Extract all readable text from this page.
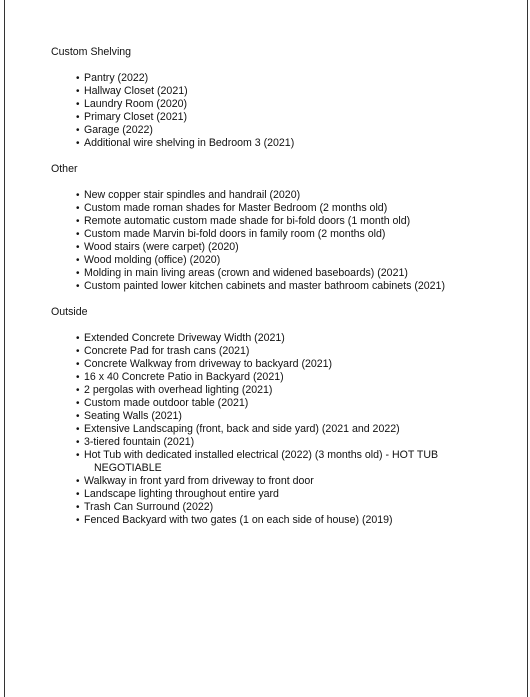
Custom Shelving
• Pantry (2022)
• Hallway Closet (2021)
• Laundry Room (2020)
• Primary Closet (2021)
• Garage (2022)
• Additional wire shelving in Bedroom 3 (2021)
Other
• New copper stair spindles and handrail (2020)
• Custom made roman shades for Master Bedroom (2 months old)
• Remote automatic custom made shade for bi-fold doors (1 month old)
• Custom made Marvin bi-fold doors in family room (2 months old)
• Wood stairs (were carpet) (2020)
• Wood molding (office) (2020)
• Molding in main living areas (crown and widened baseboards) (2021)
• Custom painted lower kitchen cabinets and master bathroom cabinets (2021)
Outside
• Extended Concrete Driveway Width (2021)
• Concrete Pad for trash cans (2021)
• Concrete Walkway from driveway to backyard (2021)
• 16 x 40 Concrete Patio in Backyard (2021)
• 2 pergolas with overhead lighting (2021)
• Custom made outdoor table (2021)
• Seating Walls (2021)
• Extensive Landscaping (front, back and side yard) (2021 and 2022)
• 3-tiered fountain (2021)
• Hot Tub with dedicated installed electrical (2022) (3 months old) - HOT TUB
NEGOTIABLE
• Walkway in front yard from driveway to front door
• Landscape lighting throughout entire yard
• Trash Can Surround (2022)
• Fenced Backyard with two gates (1 on each side of house) (2019)
